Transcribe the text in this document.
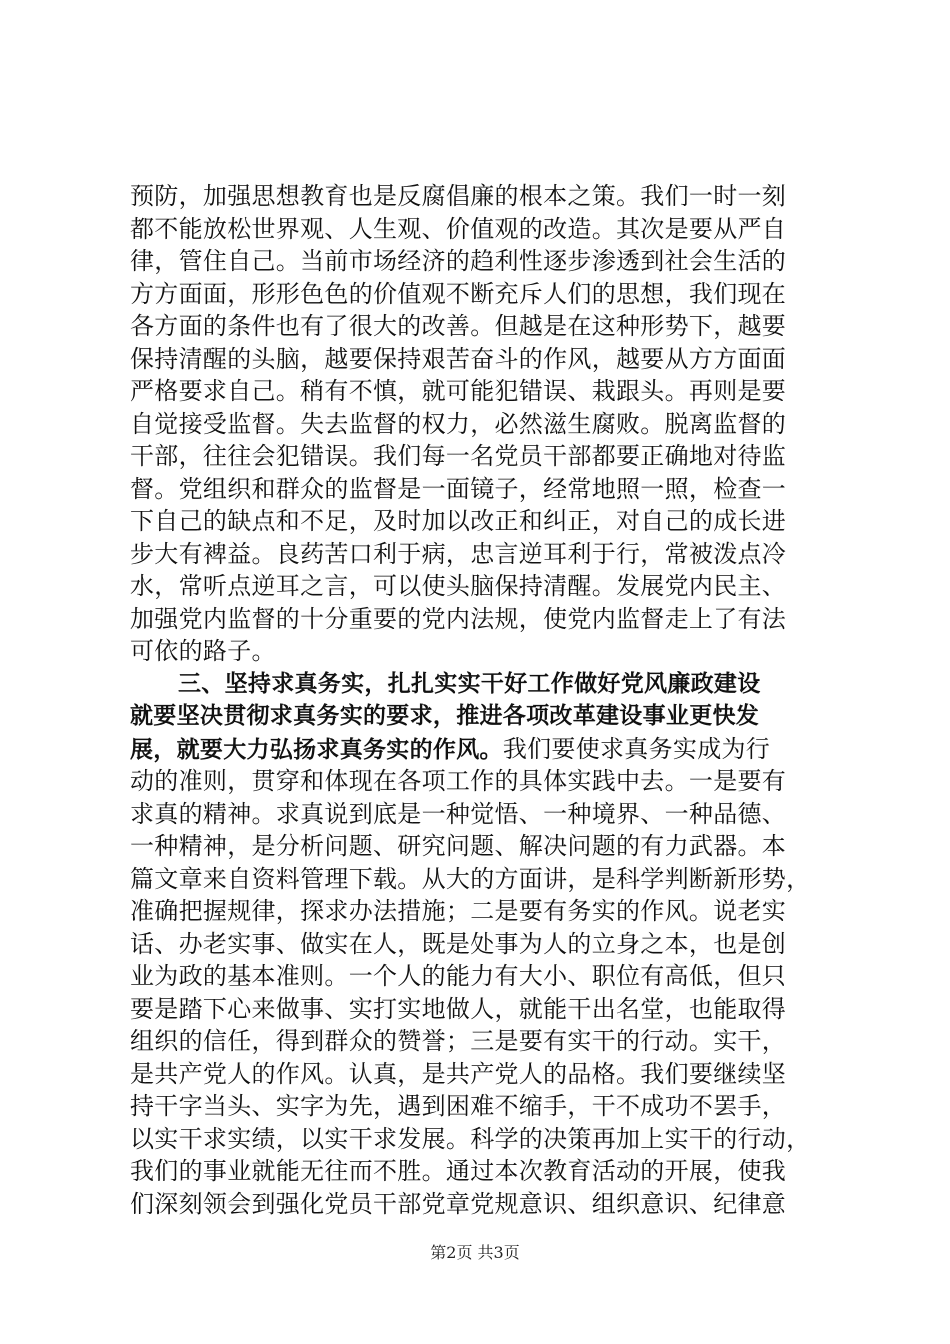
预防，加强思想教育也是反腐倡廉的根本之策。我们一时一刻
都不能放松世界观、人生观、价值观的改造。其次是要从严自
律，管住自己。当前市场经济的趋利性逐步渗透到社会生活的
方方面面，形形色色的价值观不断充斥人们的思想，我们现在
各方面的条件也有了很大的改善。但越是在这种形势下，越要
保持清醒的头脑，越要保持艰苦奋斗的作风，越要从方方面面
严格要求自己。稍有不慎，就可能犯错误、栽跟头。再则是要
自觉接受监督。失去监督的权力，必然滋生腐败。脱离监督的
干部，往往会犯错误。我们每一名党员干部都要正确地对待监
督。党组织和群众的监督是一面镜子，经常地照一照，检查一
下自己的缺点和不足，及时加以改正和纠正，对自己的成长进
步大有裨益。良药苦口利于病，忠言逆耳利于行，常被泼点冷
水，常听点逆耳之言，可以使头脑保持清醒。发展党内民主、
加强党内监督的十分重要的党内法规，使党内监督走上了有法
可依的路子。
三、坚持求真务实，扎扎实实干好工作做好党风廉政建设
就要坚决贯彻求真务实的要求，推进各项改革建设事业更快发
展，就要大力弘扬求真务实的作风。我们要使求真务实成为行
动的准则，贯穿和体现在各项工作的具体实践中去。一是要有
求真的精神。求真说到底是一种觉悟、一种境界、一种品德、
一种精神，是分析问题、研究问题、解决问题的有力武器。本
篇文章来自资料管理下载。从大的方面讲，是科学判断新形势，
准确把握规律，探求办法措施；二是要有务实的作风。说老实
话、办老实事、做实在人，既是处事为人的立身之本，也是创
业为政的基本准则。一个人的能力有大小、职位有高低，但只
要是踏下心来做事、实打实地做人，就能干出名堂，也能取得
组织的信任，得到群众的赞誉；三是要有实干的行动。实干，
是共产党人的作风。认真，是共产党人的品格。我们要继续坚
持干字当头、实字为先，遇到困难不缩手，干不成功不罢手，
以实干求实绩，以实干求发展。科学的决策再加上实干的行动，
我们的事业就能无往而不胜。通过本次教育活动的开展，使我
们深刻领会到强化党员干部党章党规意识、组织意识、纪律意
第2页 共3页
